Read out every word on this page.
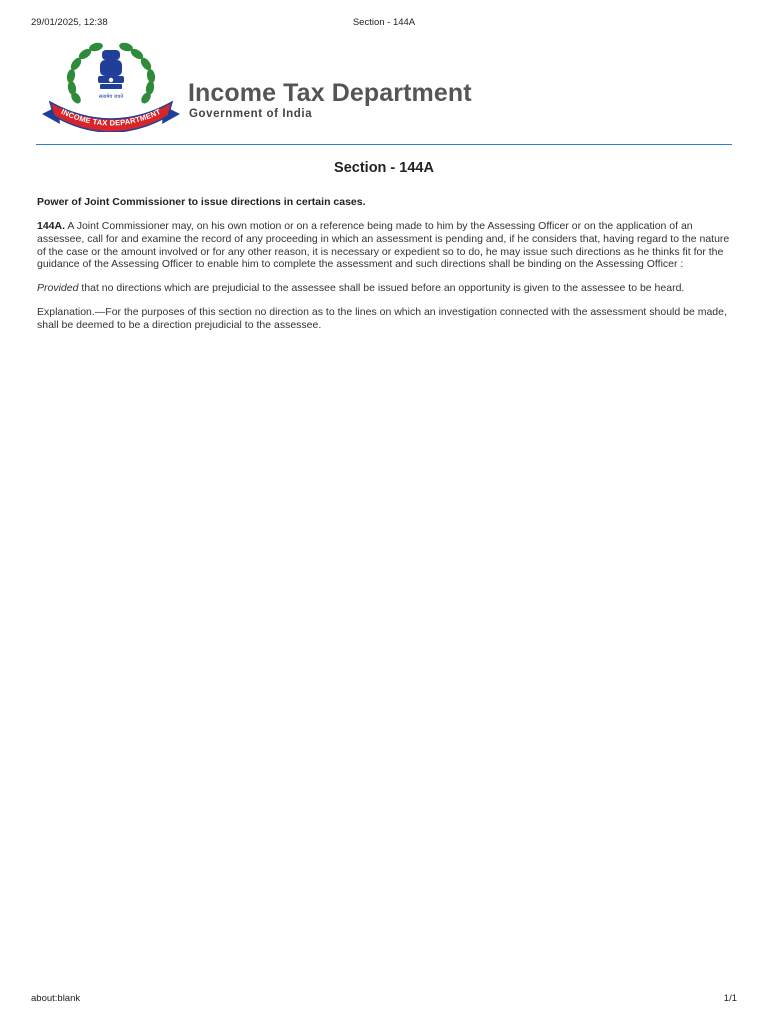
29/01/2025, 12:38	Section - 144A
सत्यमेव जयते
INCOME TAX DEPARTMENT
Income Tax Department
Government of India
Section - 144A
Power of Joint Commissioner to issue directions in certain cases.

144A. A Joint Commissioner may, on his own motion or on a reference being made to him by the Assessing Officer or on the application of an assessee, call for and examine the record of any proceeding in which an assessment is pending and, if he considers that, having regard to the nature of the case or the amount involved or for any other reason, it is necessary or expedient so to do, he may issue such directions as he thinks fit for the guidance of the Assessing Officer to enable him to complete the assessment and such directions shall be binding on the Assessing Officer :

Provided that no directions which are prejudicial to the assessee shall be issued before an opportunity is given to the assessee to be heard.

Explanation.—For the purposes of this section no direction as to the lines on which an investigation connected with the assessment should be made, shall be deemed to be a direction prejudicial to the assessee.

about:blank	1/1
